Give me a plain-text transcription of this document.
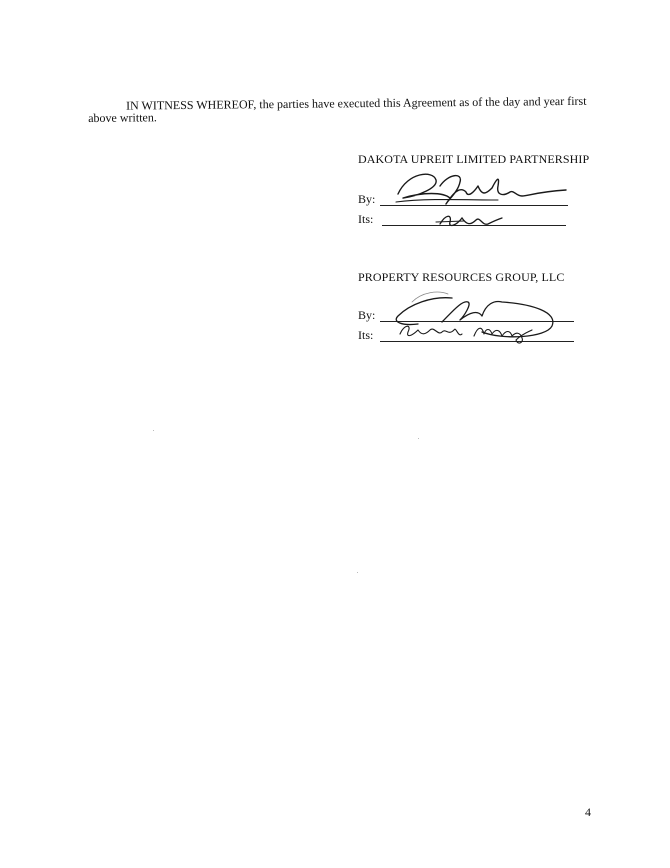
IN WITNESS WHEREOF, the parties have executed this Agreement as of the day and year first
above written.
DAKOTA UPREIT LIMITED PARTNERSHIP
By:
Its:
PROPERTY RESOURCES GROUP, LLC
By:
Its:
4
